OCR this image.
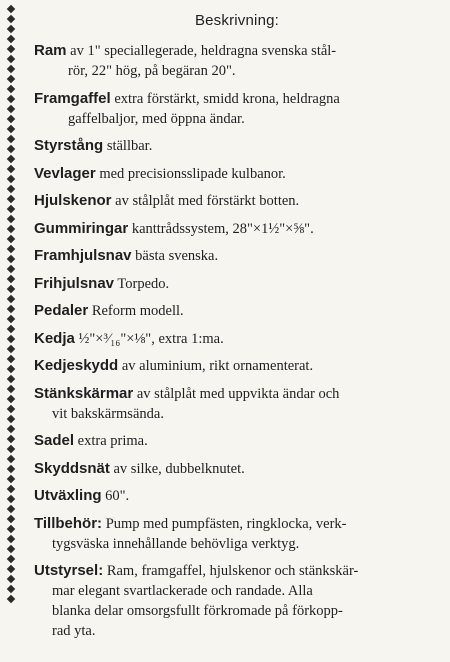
Beskrivning:
Ram av 1" speciallegerade, heldragna svenska stål-
rör, 22" hög, på begäran 20".
Framgaffel extra förstärkt, smidd krona, heldragna
gaffelbaljor, med öppna ändar.
Styrstång ställbar.
Vevlager med precisionsslipade kulbanor.
Hjulskenor av stålplåt med förstärkt botten.
Gummiringar kanttrådssystem, 28"×1½"×⅝".
Framhjulsnav bästa svenska.
Frihjulsnav Torpedo.
Pedaler Reform modell.
Kedja ½"×³⁄₁₆"×⅛", extra 1:ma.
Kedjeskydd av aluminium, rikt ornamenterat.
Stänkskärmar av stålplåt med uppvikta ändar och
vit bakskärmsända.
Sadel extra prima.
Skyddsnät av silke, dubbelknutet.
Utväxling 60".
Tillbehör: Pump med pumpfästen, ringklocka, verk-
tygsväska innehållande behövliga verktyg.
Utstyrsel: Ram, framgaffel, hjulskenor och stänkskär-
mar elegant svartlackerade och randade. Alla
blanka delar omsorgsfullt förkromade på förkopp-
rad yta.
